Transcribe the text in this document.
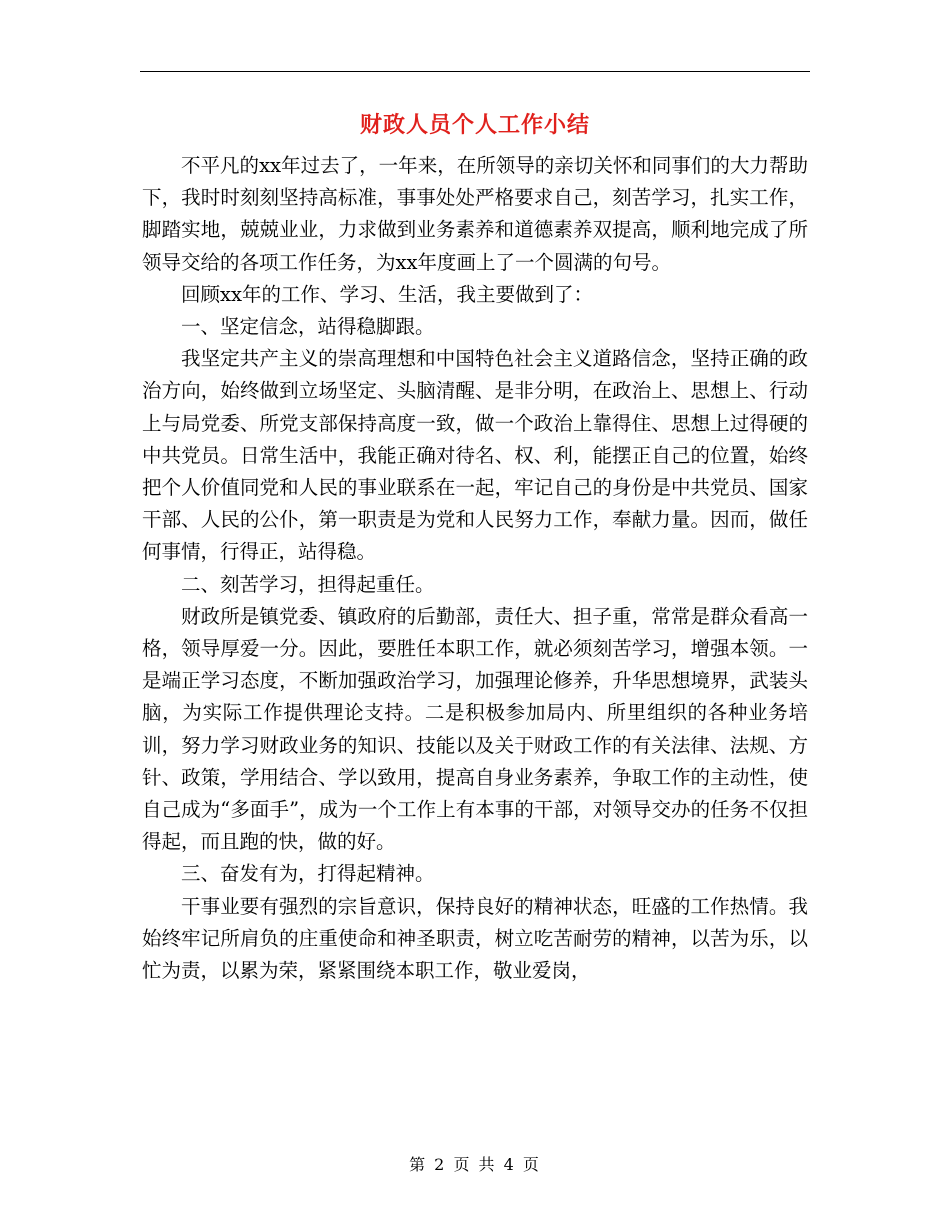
财政人员个人工作小结

不平凡的xx年过去了，一年来，在所领导的亲切关怀和同事们的大力帮助下，我时时刻刻坚持高标准，事事处处严格要求自己，刻苦学习，扎实工作，脚踏实地，兢兢业业，力求做到业务素养和道德素养双提高，顺利地完成了所领导交给的各项工作任务，为xx年度画上了一个圆满的句号。

回顾xx年的工作、学习、生活，我主要做到了：

一、坚定信念，站得稳脚跟。

我坚定共产主义的崇高理想和中国特色社会主义道路信念，坚持正确的政治方向，始终做到立场坚定、头脑清醒、是非分明，在政治上、思想上、行动上与局党委、所党支部保持高度一致，做一个政治上靠得住、思想上过得硬的中共党员。日常生活中，我能正确对待名、权、利，能摆正自己的位置，始终把个人价值同党和人民的事业联系在一起，牢记自己的身份是中共党员、国家干部、人民的公仆，第一职责是为党和人民努力工作，奉献力量。因而，做任何事情，行得正，站得稳。

二、刻苦学习，担得起重任。

财政所是镇党委、镇政府的后勤部，责任大、担子重，常常是群众看高一格，领导厚爱一分。因此，要胜任本职工作，就必须刻苦学习，增强本领。一是端正学习态度，不断加强政治学习，加强理论修养，升华思想境界，武装头脑，为实际工作提供理论支持。二是积极参加局内、所里组织的各种业务培训，努力学习财政业务的知识、技能以及关于财政工作的有关法律、法规、方针、政策，学用结合、学以致用，提高自身业务素养，争取工作的主动性，使自己成为“多面手”，成为一个工作上有本事的干部，对领导交办的任务不仅担得起，而且跑的快，做的好。

三、奋发有为，打得起精神。

干事业要有强烈的宗旨意识，保持良好的精神状态，旺盛的工作热情。我始终牢记所肩负的庄重使命和神圣职责，树立吃苦耐劳的精神，以苦为乐，以忙为责，以累为荣，紧紧围绕本职工作，敬业爱岗，

第 2 页 共 4 页
